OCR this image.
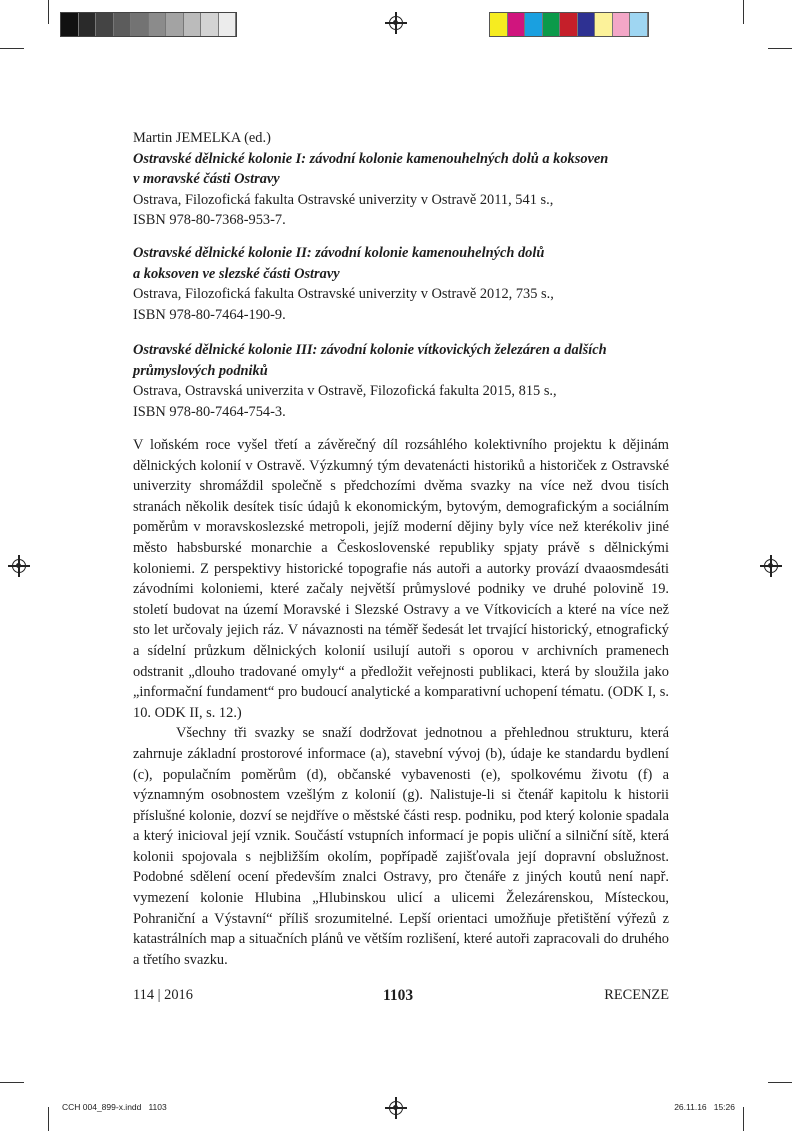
Martin JEMELKA (ed.)

Ostravské dělnické kolonie I: závodní kolonie kamenouhelných dolů a koksoven

v moravské části Ostravy

Ostrava, Filozofická fakulta Ostravské univerzity v Ostravě 2011, 541 s.,

ISBN 978-80-7368-953-7.

Ostravské dělnické kolonie II: závodní kolonie kamenouhelných dolů

a koksoven ve slezské části Ostravy

Ostrava, Filozofická fakulta Ostravské univerzity v Ostravě 2012, 735 s.,

ISBN 978-80-7464-190-9.

Ostravské dělnické kolonie III: závodní kolonie vítkovických železáren a dalších

průmyslových podniků

Ostrava, Ostravská univerzita v Ostravě, Filozofická fakulta 2015, 815 s.,

ISBN 978-80-7464-754-3.

V loňském roce vyšel třetí a závěrečný díl rozsáhlého kolektivního projektu k dějinám dělnických kolonií v Ostravě. Výzkumný tým devatenácti historiků a historiček z Ostravské univerzity shromáždil společně s předchozími dvěma svazky na více než dvou tisích stranách několik desítek tisíc údajů k ekonomickým, bytovým, demografickým a sociálním poměrům v moravskoslezské metropoli, jejíž moderní dějiny byly více než kterékoliv jiné město habsburské monarchie a Československé republiky spjaty právě s dělnickými koloniemi. Z perspektivy historické topografie nás autoři a autorky provází dvaaosmdesáti závodními koloniemi, které začaly největší průmyslové podniky ve druhé polovině 19. století budovat na území Moravské i Slezské Ostravy a ve Vítkovicích a které na více než sto let určovaly jejich ráz. V návaznosti na téměř šedesát let trvající historický, etnografický a sídelní průzkum dělnických kolonií usilují autoři s oporou v archivních pramenech odstranit „dlouho tradované omyly“ a předložit veřejnosti publikaci, která by sloužila jako „informační fundament“ pro budoucí analytické a komparativní uchopení tématu. (ODK I, s. 10. ODK II, s. 12.)

Všechny tři svazky se snaží dodržovat jednotnou a přehlednou strukturu, která zahrnuje základní prostorové informace (a), stavební vývoj (b), údaje ke standardu bydlení (c), populačním poměrům (d), občanské vybavenosti (e), spolkovému životu (f) a významným osobnostem vzešlým z kolonií (g). Nalistuje-li si čtenář kapitolu k historii příslušné kolonie, dozví se nejdříve o městské části resp. podniku, pod který kolonie spadala a který inicioval její vznik. Součástí vstupních informací je popis uliční a silniční sítě, která kolonii spojovala s nejbližším okolím, popřípadě zajišťovala její dopravní obslužnost. Podobné sdělení ocení především znalci Ostravy, pro čtenáře z jiných koutů není např. vymezení kolonie Hlubina „Hlubinskou ulicí a ulicemi Železárenskou, Místeckou, Pohraniční a Výstavní“ příliš srozumitelné. Lepší orientaci umožňuje přetištění výřezů z katastrálních map a situačních plánů ve větším rozlišení, které autoři zapracovali do druhého a třetího svazku.

114 | 2016	1103	RECENZE
CCH 004_899-x.indd   1103	26.11.16   15:26
